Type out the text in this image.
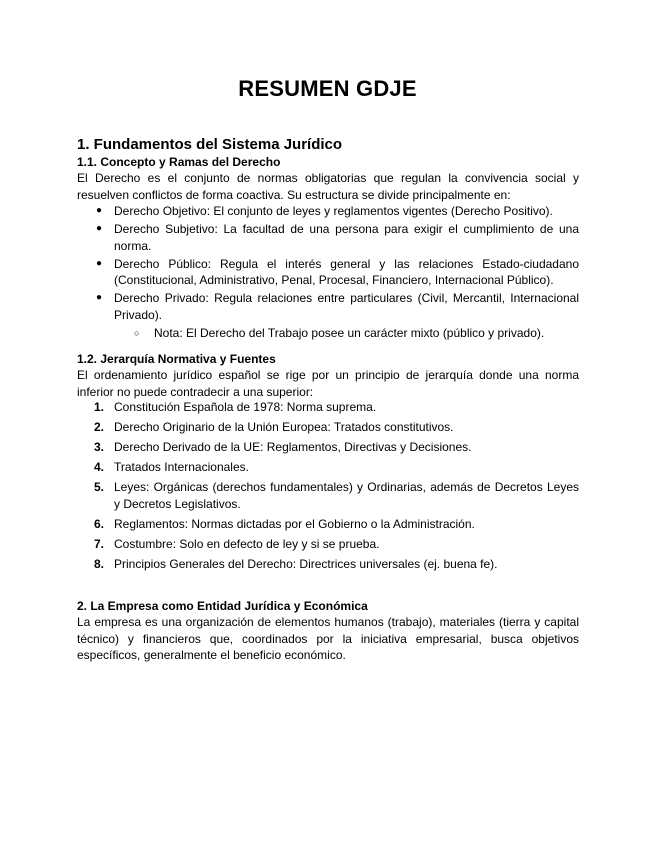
RESUMEN GDJE
1. Fundamentos del Sistema Jurídico
1.1. Concepto y Ramas del Derecho

El Derecho es el conjunto de normas obligatorias que regulan la convivencia social y resuelven conflictos de forma coactiva. Su estructura se divide principalmente en:

● Derecho Objetivo: El conjunto de leyes y reglamentos vigentes (Derecho Positivo).
● Derecho Subjetivo: La facultad de una persona para exigir el cumplimiento de una norma.
● Derecho Público: Regula el interés general y las relaciones Estado-ciudadano (Constitucional, Administrativo, Penal, Procesal, Financiero, Internacional Público).
● Derecho Privado: Regula relaciones entre particulares (Civil, Mercantil, Internacional Privado).
○	Nota: El Derecho del Trabajo posee un carácter mixto (público y privado).
1.2. Jerarquía Normativa y Fuentes

El ordenamiento jurídico español se rige por un principio de jerarquía donde una norma inferior no puede contradecir a una superior:

1. Constitución Española de 1978: Norma suprema.
2. Derecho Originario de la Unión Europea: Tratados constitutivos.
3. Derecho Derivado de la UE: Reglamentos, Directivas y Decisiones.
4. Tratados Internacionales.
5. Leyes: Orgánicas (derechos fundamentales) y Ordinarias, además de Decretos Leyes y Decretos Legislativos.
6. Reglamentos: Normas dictadas por el Gobierno o la Administración.
7. Costumbre: Solo en defecto de ley y si se prueba.
8. Principios Generales del Derecho: Directrices universales (ej. buena fe).
2. La Empresa como Entidad Jurídica y Económica

La empresa es una organización de elementos humanos (trabajo), materiales (tierra y capital técnico) y financieros que, coordinados por la iniciativa empresarial, busca objetivos específicos, generalmente el beneficio económico.
